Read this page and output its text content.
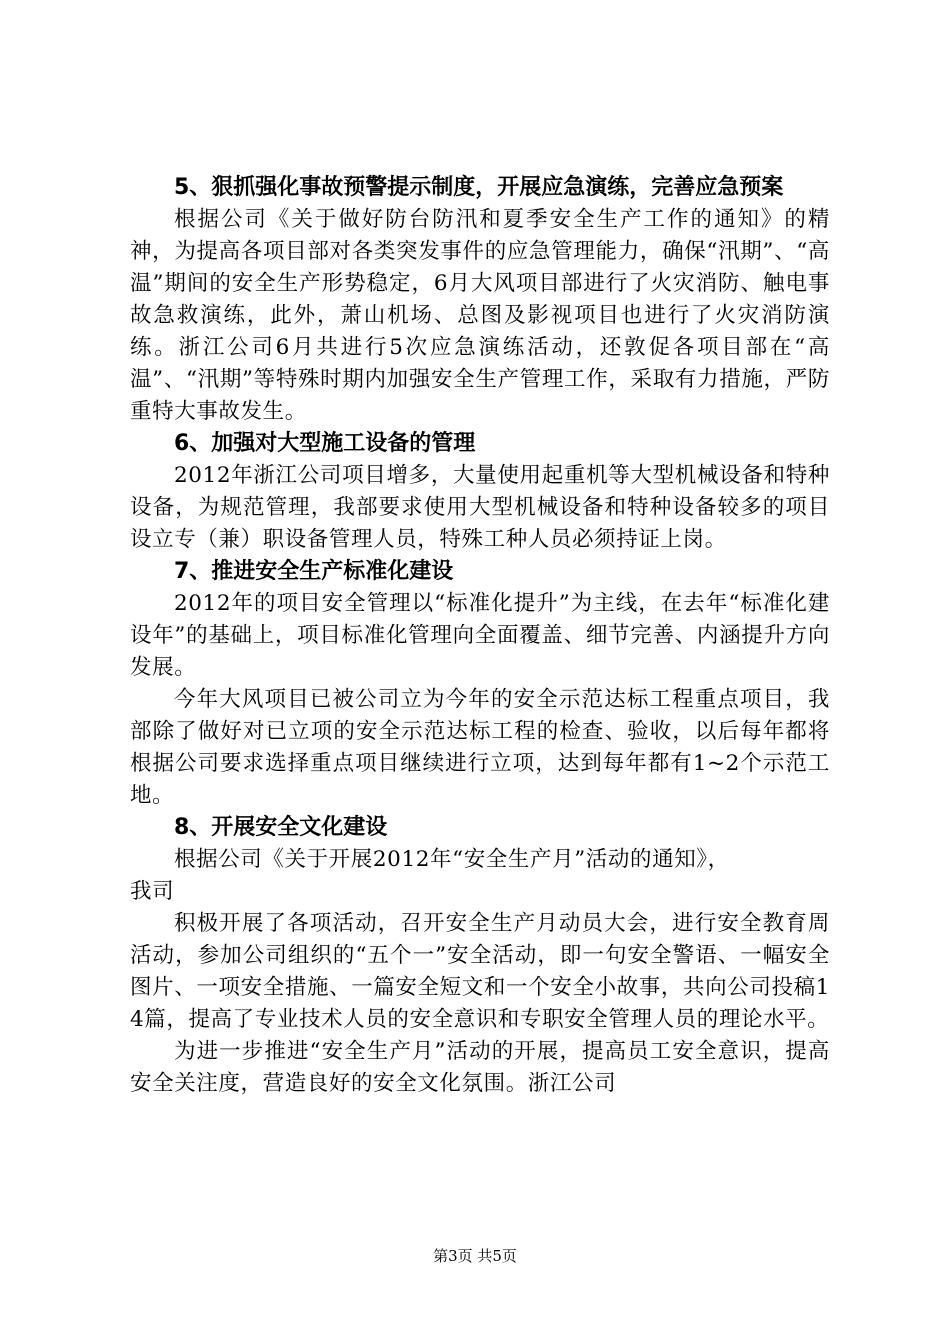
5、狠抓强化事故预警提示制度，开展应急演练，完善应急预案

根据公司《关于做好防台防汛和夏季安全生产工作的通知》的精神，为提高各项目部对各类突发事件的应急管理能力，确保“汛期”、“高温”期间的安全生产形势稳定，6月大风项目部进行了火灾消防、触电事故急救演练，此外，萧山机场、总图及影视项目也进行了火灾消防演练。浙江公司6月共进行5次应急演练活动，还敦促各项目部在“高温”、“汛期”等特殊时期内加强安全生产管理工作，采取有力措施，严防重特大事故发生。

6、加强对大型施工设备的管理

2012年浙江公司项目增多，大量使用起重机等大型机械设备和特种设备，为规范管理，我部要求使用大型机械设备和特种设备较多的项目设立专（兼）职设备管理人员，特殊工种人员必须持证上岗。

7、推进安全生产标准化建设

2012年的项目安全管理以“标准化提升”为主线，在去年“标准化建设年”的基础上，项目标准化管理向全面覆盖、细节完善、内涵提升方向发展。

今年大风项目已被公司立为今年的安全示范达标工程重点项目，我部除了做好对已立项的安全示范达标工程的检查、验收，以后每年都将根据公司要求选择重点项目继续进行立项，达到每年都有1~2个示范工地。

8、开展安全文化建设

根据公司《关于开展2012年“安全生产月”活动的通知》，

我司

积极开展了各项活动，召开安全生产月动员大会，进行安全教育周活动，参加公司组织的“五个一”安全活动，即一句安全警语、一幅安全图片、一项安全措施、一篇安全短文和一个安全小故事，共向公司投稿14篇，提高了专业技术人员的安全意识和专职安全管理人员的理论水平。

为进一步推进“安全生产月”活动的开展，提高员工安全意识，提高安全关注度，营造良好的安全文化氛围。浙江公司

第3页 共5页
